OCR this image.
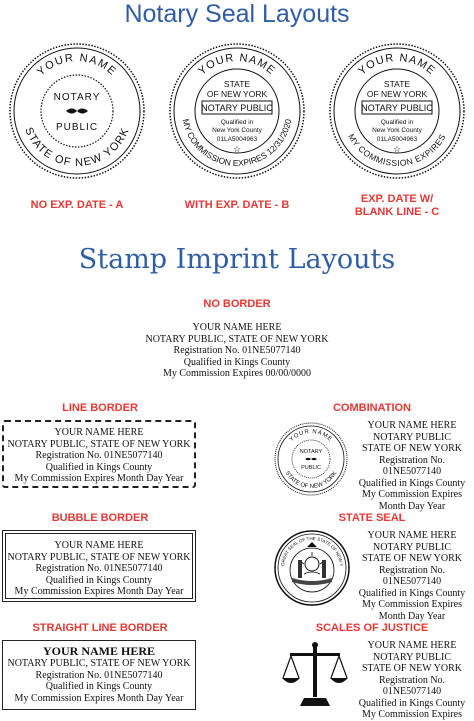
Notary Seal Layouts
Stamp Imprint Layouts
YOUR NAME
STATE OF NEW YORK
NOTARY
PUBLIC
NO EXP. DATE - A
YOUR NAME
MY COMMISSION EXPIRES 12/31/2020
STATE
OF NEW YORK
NOTARY PUBLIC
Qualified in
New York County
01LA5004963
☆
WITH EXP. DATE - B
YOUR NAME
MY COMMISSION EXPIRES
STATE
OF NEW YORK
NOTARY PUBLIC
Qualified in
New York County
01LA5004963
☆
EXP. DATE W/
BLANK LINE - C
NO BORDER
YOUR NAME HERE
NOTARY PUBLIC, STATE OF NEW YORK
Registration No. 01NE5077140
Qualified in Kings County
My Commission Expires 00/00/0000
LINE BORDER
YOUR NAME HERE
NOTARY PUBLIC, STATE OF NEW YORK
Registration No. 01NE5077140
Qualified in Kings County
My Commission Expires Month Day Year
BUBBLE BORDER
YOUR NAME HERE
NOTARY PUBLIC, STATE OF NEW YORK
Registration No. 01NE5077140
Qualified in Kings County
My Commission Expires Month Day Year
STRAIGHT LINE BORDER
YOUR NAME HERE
NOTARY PUBLIC, STATE OF NEW YORK
Registration No. 01NE5077140
Qualified in Kings County
My Commission Expires Month Day Year
COMBINATION
YOUR NAME
STATE OF NEW YORK
NOTARY
PUBLIC
YOUR NAME HERE
NOTARY PUBLIC
STATE OF NEW YORK
Registration No.
01NE5077140
Qualified in Kings County
My Commission Expires
Month Day Year
STATE SEAL
GREAT SEAL OF THE STATE OF NEW Y
YOUR NAME HERE
NOTARY PUBLIC
STATE OF NEW YORK
Registration No.
01NE5077140
Qualified in Kings County
My Commission Expires
Month Day Year
SCALES OF JUSTICE
YOUR NAME HERE
NOTARY PUBLIC
STATE OF NEW YORK
Registration No.
01NE5077140
Qualified in Kings County
My Commission Expires
